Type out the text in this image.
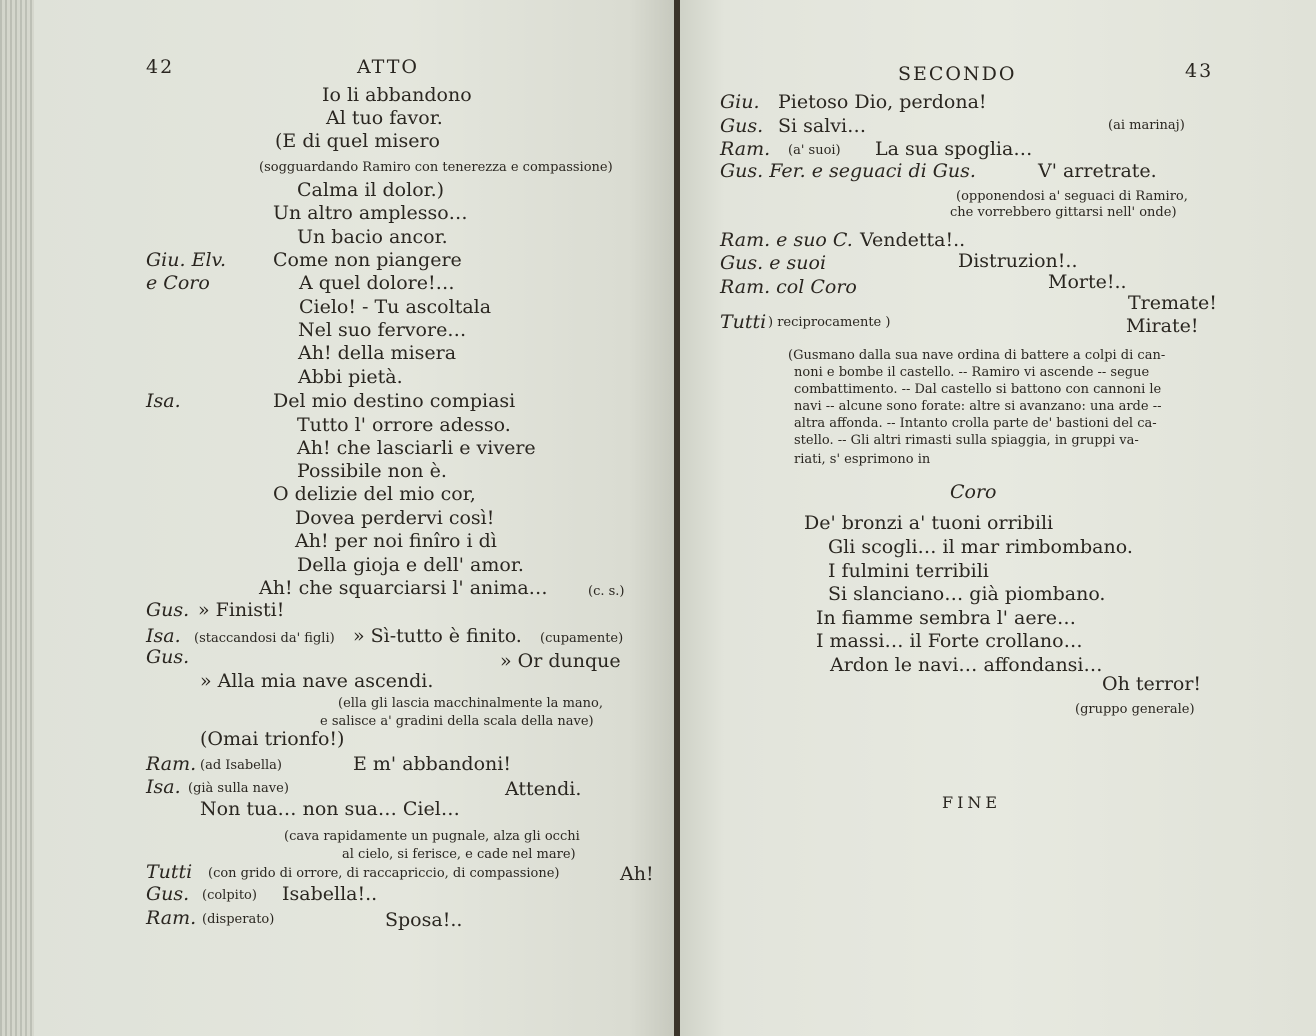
42	ATTO
Io li abbandono
Al tuo favor.
(E di quel misero
(sogguardando Ramiro con tenerezza e compassione)
Calma il dolor.)
Un altro amplesso…
Un bacio ancor.
Giu. Elv. Come non piangere
e Coro	A quel dolore!…
Cielo! - Tu ascoltala
Nel suo fervore…
Ah! della misera
Abbi pietà.
Isa.	Del mio destino compiasi
Tutto l' orrore adesso.
Ah! che lasciarli e vivere
Possibile non è.
O delizie del mio cor,
Dovea perdervi così!
Ah! per noi finîro i dì
Della gioja e dell' amor.
Ah! che squarciarsi l' anima…	(c. s.)
Gus. » Finisti!
Isa. (staccandosi da' figli) » Sì-tutto è finito. (cupamente)
Gus.	» Or dunque
» Alla mia nave ascendi.
(ella gli lascia macchinalmente la mano,
e salisce a' gradini della scala della nave)
(Omai trionfo!)
Ram. (ad Isabella)	E m' abbandoni!
Isa. (già sulla nave)	Attendi.
Non tua… non sua… Ciel…
(cava rapidamente un pugnale, alza gli occhi
al cielo, si ferisce, e cade nel mare)
Tutti (con grido di orrore, di raccapriccio, di compassione)	Ah!
Gus. (colpito) Isabella!..
Ram. (disperato)	Sposa!..
SECONDO	43
Giu. Pietoso Dio, perdona!
Gus. Si salvi…	(ai marinaj)
Ram. (a' suoi) La sua spoglia…
Gus. Fer. e seguaci di Gus.	V' arretrate.
(opponendosi a' seguaci di Ramiro,
che vorrebbero gittarsi nell' onde)
Ram. e suo C. Vendetta!..
Gus. e suoi	Distruzion!..
Ram. col Coro	Morte!..
Tremate!
Tutti ) reciprocamente )	Mirate!
(Gusmano dalla sua nave ordina di battere a colpi di can-
noni e bombe il castello. -- Ramiro vi ascende -- segue
combattimento. -- Dal castello si battono con cannoni le
navi -- alcune sono forate: altre si avanzano: una arde --
altra affonda. -- Intanto crolla parte de' bastioni del ca-
stello. -- Gli altri rimasti sulla spiaggia, in gruppi va-
riati, s' esprimono in
Coro
De' bronzi a' tuoni orribili
Gli scogli… il mar rimbombano.
I fulmini terribili
Si slanciano… già piombano.
In fiamme sembra l' aere…
I massi… il Forte crollano…
Ardon le navi… affondansi…
Oh terror!
(gruppo generale)
FINE
